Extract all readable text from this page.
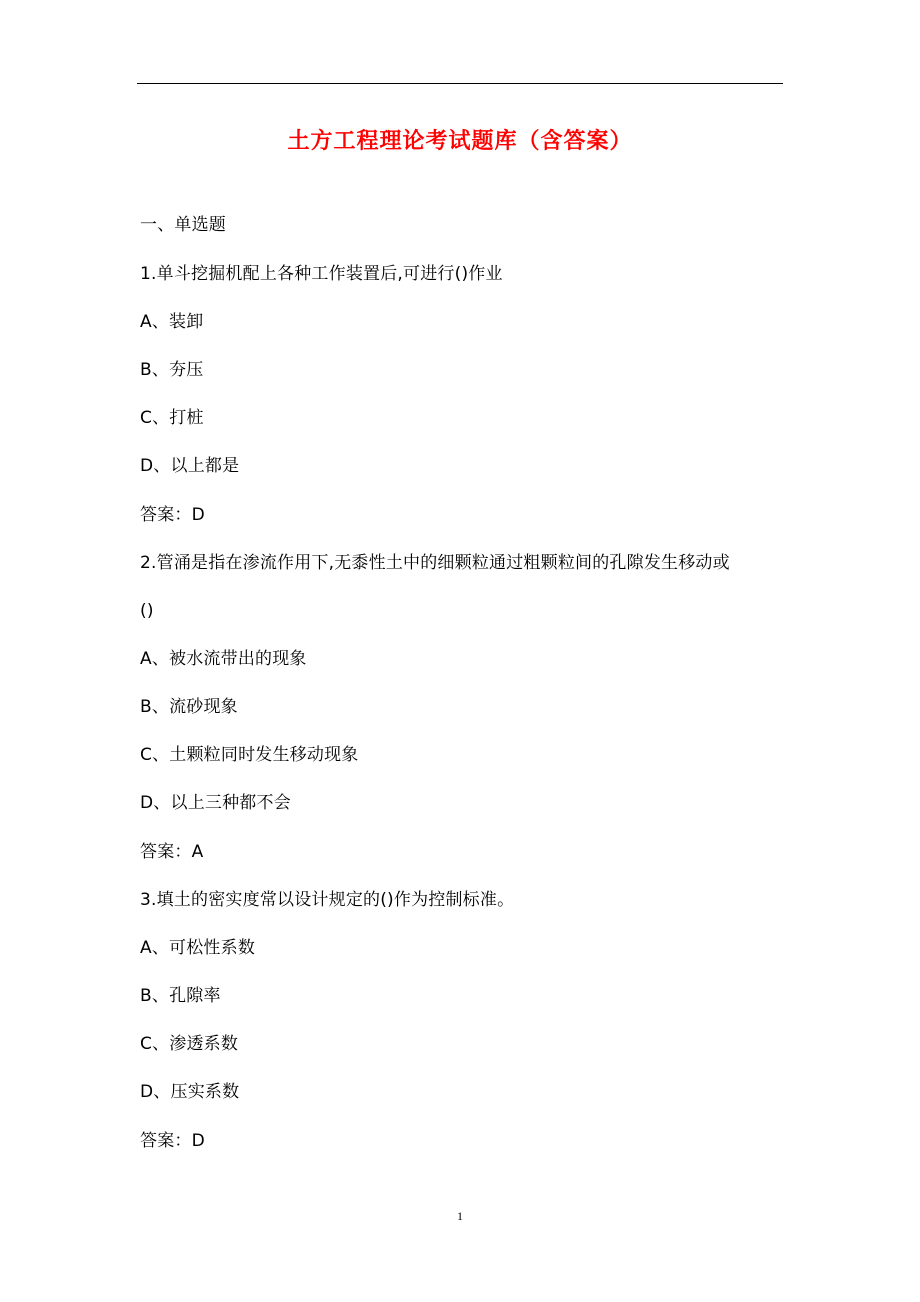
土方工程理论考试题库（含答案）
一、单选题
1.单斗挖掘机配上各种工作装置后,可进行()作业
A、装卸
B、夯压
C、打桩
D、以上都是
答案：D
2.管涌是指在渗流作用下,无黍性土中的细颗粒通过粗颗粒间的孔隙发生移动或
()
A、被水流带出的现象
B、流砂现象
C、土颗粒同时发生移动现象
D、以上三种都不会
答案：A
3.填土的密实度常以设计规定的()作为控制标准。
A、可松性系数
B、孔隙率
C、渗透系数
D、压实系数
答案：D
1
